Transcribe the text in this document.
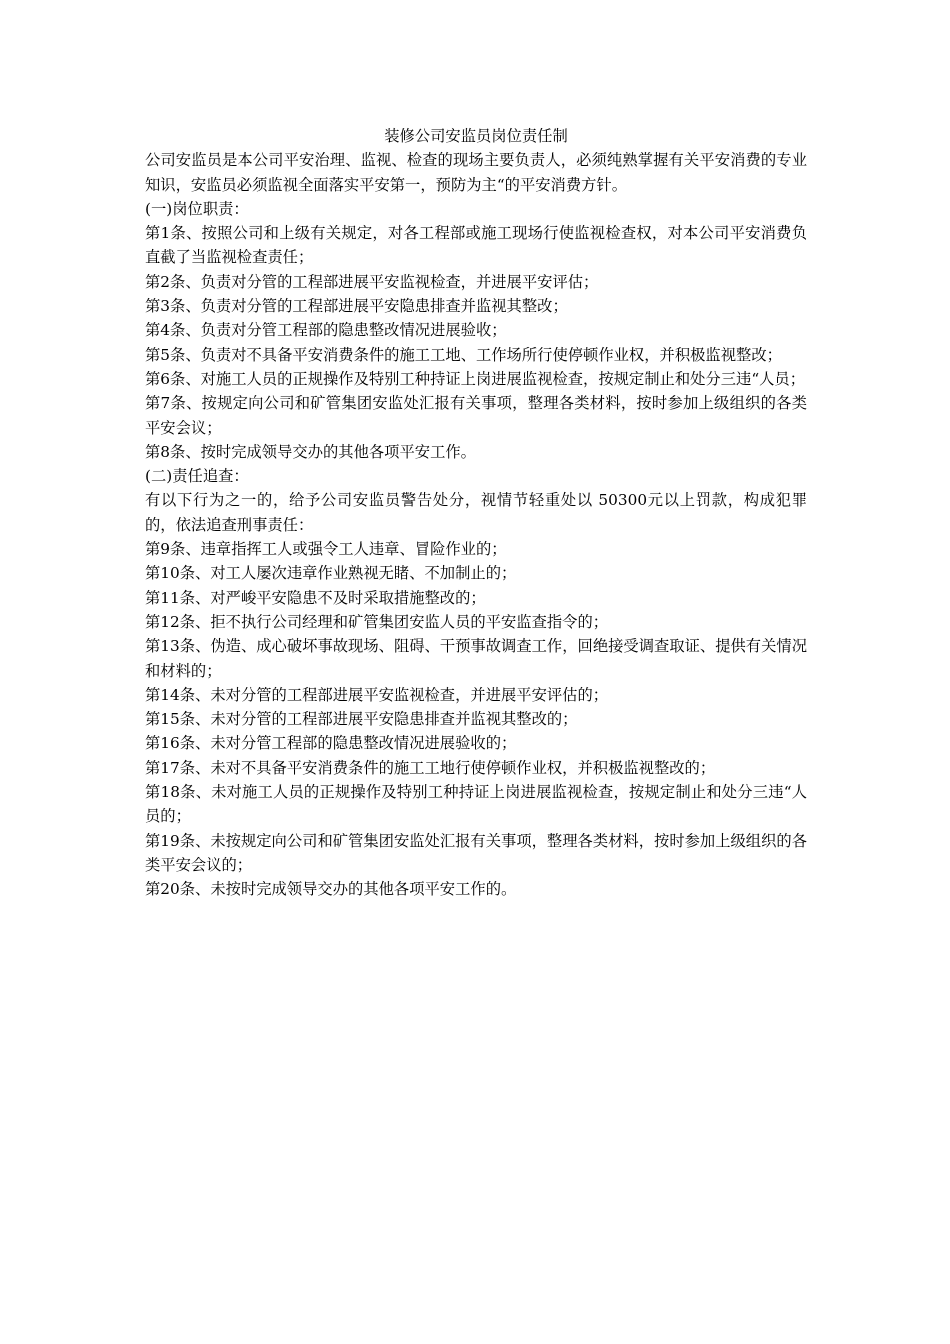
装修公司安监员岗位责任制

公司安监员是本公司平安治理、监视、检查的现场主要负责人，必须纯熟掌握有关平安消费的专业知识，安监员必须监视全面落实平安第一，预防为主“的平安消费方针。

(一)岗位职责：

第1条、按照公司和上级有关规定，对各工程部或施工现场行使监视检查权，对本公司平安消费负直截了当监视检查责任；

第2条、负责对分管的工程部进展平安监视检查，并进展平安评估；

第3条、负责对分管的工程部进展平安隐患排查并监视其整改；

第4条、负责对分管工程部的隐患整改情况进展验收；

第5条、负责对不具备平安消费条件的施工工地、工作场所行使停顿作业权，并积极监视整改；

第6条、对施工人员的正规操作及特别工种持证上岗进展监视检查，按规定制止和处分三违“人员；

第7条、按规定向公司和矿管集团安监处汇报有关事项，整理各类材料，按时参加上级组织的各类平安会议；

第8条、按时完成领导交办的其他各项平安工作。

(二)责任追查：

有以下行为之一的，给予公司安监员警告处分，视情节轻重处以 50300元以上罚款，构成犯罪的，依法追查刑事责任：

第9条、违章指挥工人或强令工人违章、冒险作业的；

第10条、对工人屡次违章作业熟视无睹、不加制止的；

第11条、对严峻平安隐患不及时采取措施整改的；

第12条、拒不执行公司经理和矿管集团安监人员的平安监查指令的；

第13条、伪造、成心破坏事故现场、阻碍、干预事故调查工作，回绝接受调查取证、提供有关情况和材料的；

第14条、未对分管的工程部进展平安监视检查，并进展平安评估的；

第15条、未对分管的工程部进展平安隐患排查并监视其整改的；

第16条、未对分管工程部的隐患整改情况进展验收的；

第17条、未对不具备平安消费条件的施工工地行使停顿作业权，并积极监视整改的；

第18条、未对施工人员的正规操作及特别工种持证上岗进展监视检查，按规定制止和处分三违“人员的；

第19条、未按规定向公司和矿管集团安监处汇报有关事项，整理各类材料，按时参加上级组织的各类平安会议的；

第20条、未按时完成领导交办的其他各项平安工作的。
